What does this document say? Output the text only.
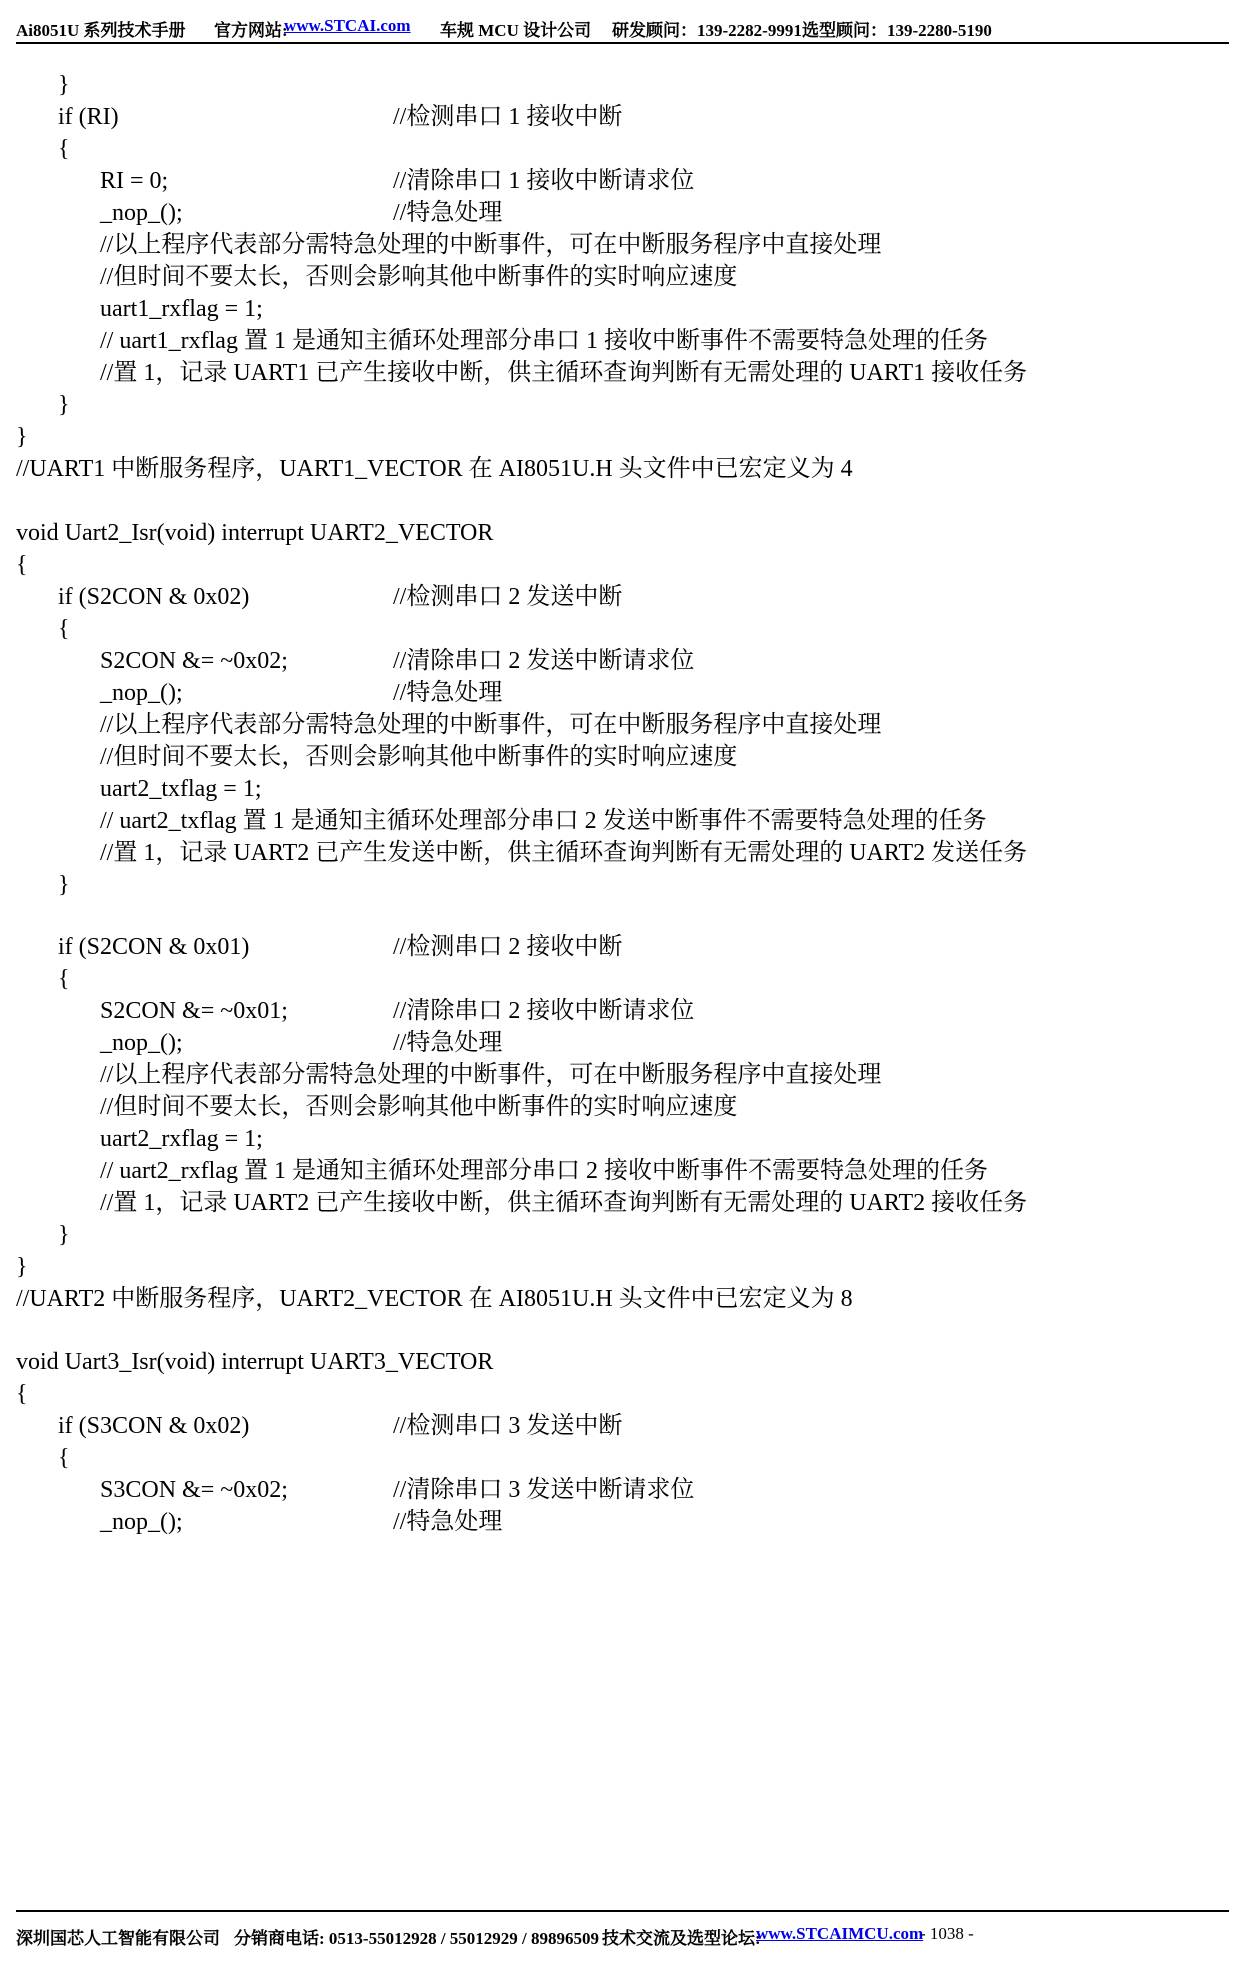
Ai8051U 系列技术手册 官方网站:
www.STCAI.com 车规 MCU 设计公司 研发顾问：139-2282-9991 选型顾问：139-2280-5190
}
if (RI)	//检测串口 1 接收中断
{
RI = 0;	//清除串口 1 接收中断请求位
_nop_();	//特急处理
//以上程序代表部分需特急处理的中断事件，可在中断服务程序中直接处理
//但时间不要太长，否则会影响其他中断事件的实时响应速度
uart1_rxflag = 1;
// uart1_rxflag 置 1 是通知主循环处理部分串口 1 接收中断事件不需要特急处理的任务
//置 1，记录 UART1 已产生接收中断，供主循环查询判断有无需处理的 UART1 接收任务
}
}
//UART1 中断服务程序，UART1_VECTOR 在 AI8051U.H 头文件中已宏定义为 4
void Uart2_Isr(void) interrupt UART2_VECTOR
{
if (S2CON & 0x02)	//检测串口 2 发送中断
{
S2CON &= ~0x02;	//清除串口 2 发送中断请求位
_nop_();	//特急处理
//以上程序代表部分需特急处理的中断事件，可在中断服务程序中直接处理
//但时间不要太长，否则会影响其他中断事件的实时响应速度
uart2_txflag = 1;
// uart2_txflag 置 1 是通知主循环处理部分串口 2 发送中断事件不需要特急处理的任务
//置 1，记录 UART2 已产生发送中断，供主循环查询判断有无需处理的 UART2 发送任务
}
if (S2CON & 0x01)	//检测串口 2 接收中断
{
S2CON &= ~0x01;	//清除串口 2 接收中断请求位
_nop_();	//特急处理
//以上程序代表部分需特急处理的中断事件，可在中断服务程序中直接处理
//但时间不要太长，否则会影响其他中断事件的实时响应速度
uart2_rxflag = 1;
// uart2_rxflag 置 1 是通知主循环处理部分串口 2 接收中断事件不需要特急处理的任务
//置 1，记录 UART2 已产生接收中断，供主循环查询判断有无需处理的 UART2 接收任务
}
}
//UART2 中断服务程序，UART2_VECTOR 在 AI8051U.H 头文件中已宏定义为 8
void Uart3_Isr(void) interrupt UART3_VECTOR
{
if (S3CON & 0x02)	//检测串口 3 发送中断
{
S3CON &= ~0x02;	//清除串口 3 发送中断请求位
_nop_();	//特急处理
深圳国芯人工智能有限公司 分销商电话: 0513-55012928 / 55012929 / 89896509 技术交流及选型论坛:
www.STCAIMCU.com
- 1038 -
